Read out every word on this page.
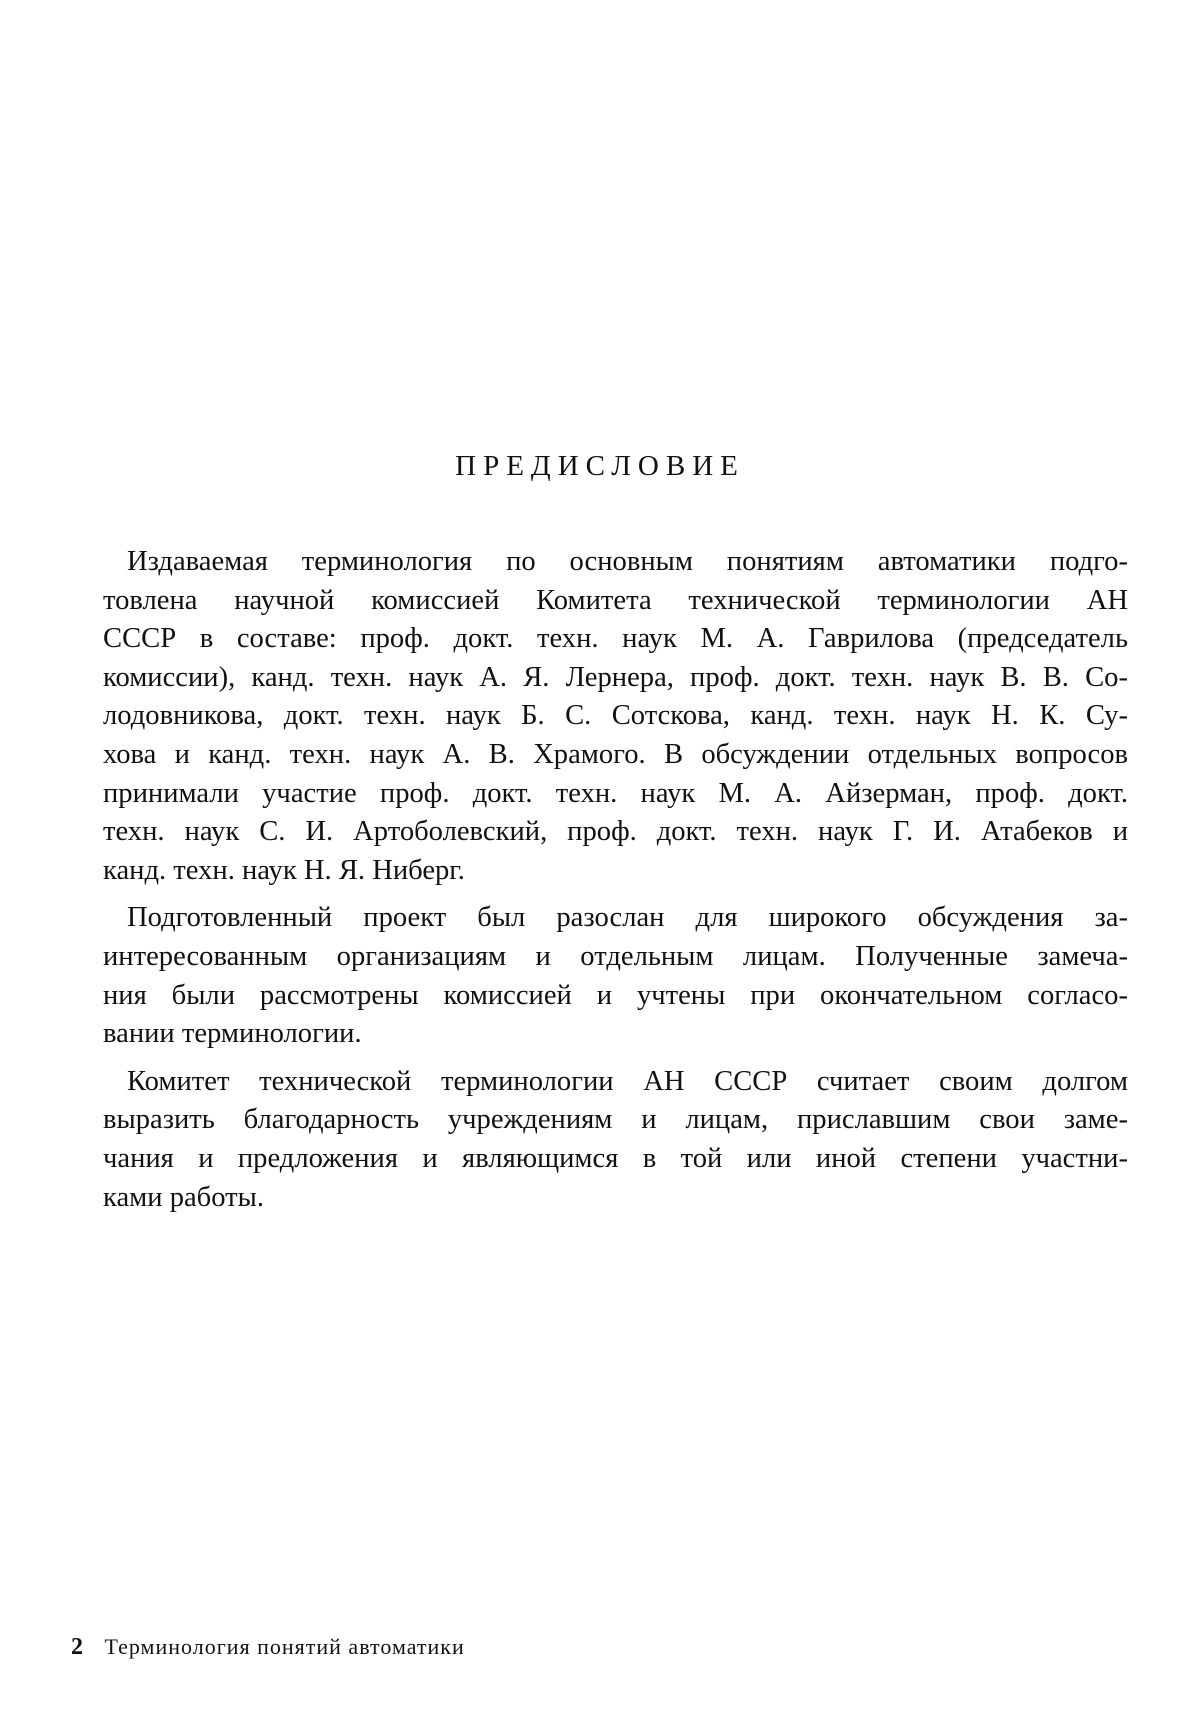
ПРЕДИСЛОВИЕ

Издаваемая терминология по основным понятиям автоматики подго-
товлена научной комиссией Комитета технической терминологии АН
СССР в составе: проф. докт. техн. наук М. А. Гаврилова (председатель
комиссии), канд. техн. наук А. Я. Лернера, проф. докт. техн. наук В. В. Со-
лодовникова, докт. техн. наук Б. С. Сотскова, канд. техн. наук Н. К. Су-
хова и канд. техн. наук А. В. Храмого. В обсуждении отдельных вопросов
принимали участие проф. докт. техн. наук М. А. Айзерман, проф. докт.
техн. наук С. И. Артоболевский, проф. докт. техн. наук Г. И. Атабеков и
канд. техн. наук Н. Я. Ниберг.

Подготовленный проект был разослан для широкого обсуждения за-
интересованным организациям и отдельным лицам. Полученные замеча-
ния были рассмотрены комиссией и учтены при окончательном согласо-
вании терминологии.

Комитет технической терминологии АН СССР считает своим долгом
выразить благодарность учреждениям и лицам, приславшим свои заме-
чания и предложения и являющимся в той или иной степени участни-
ками работы.

2 Терминология понятий автоматики
